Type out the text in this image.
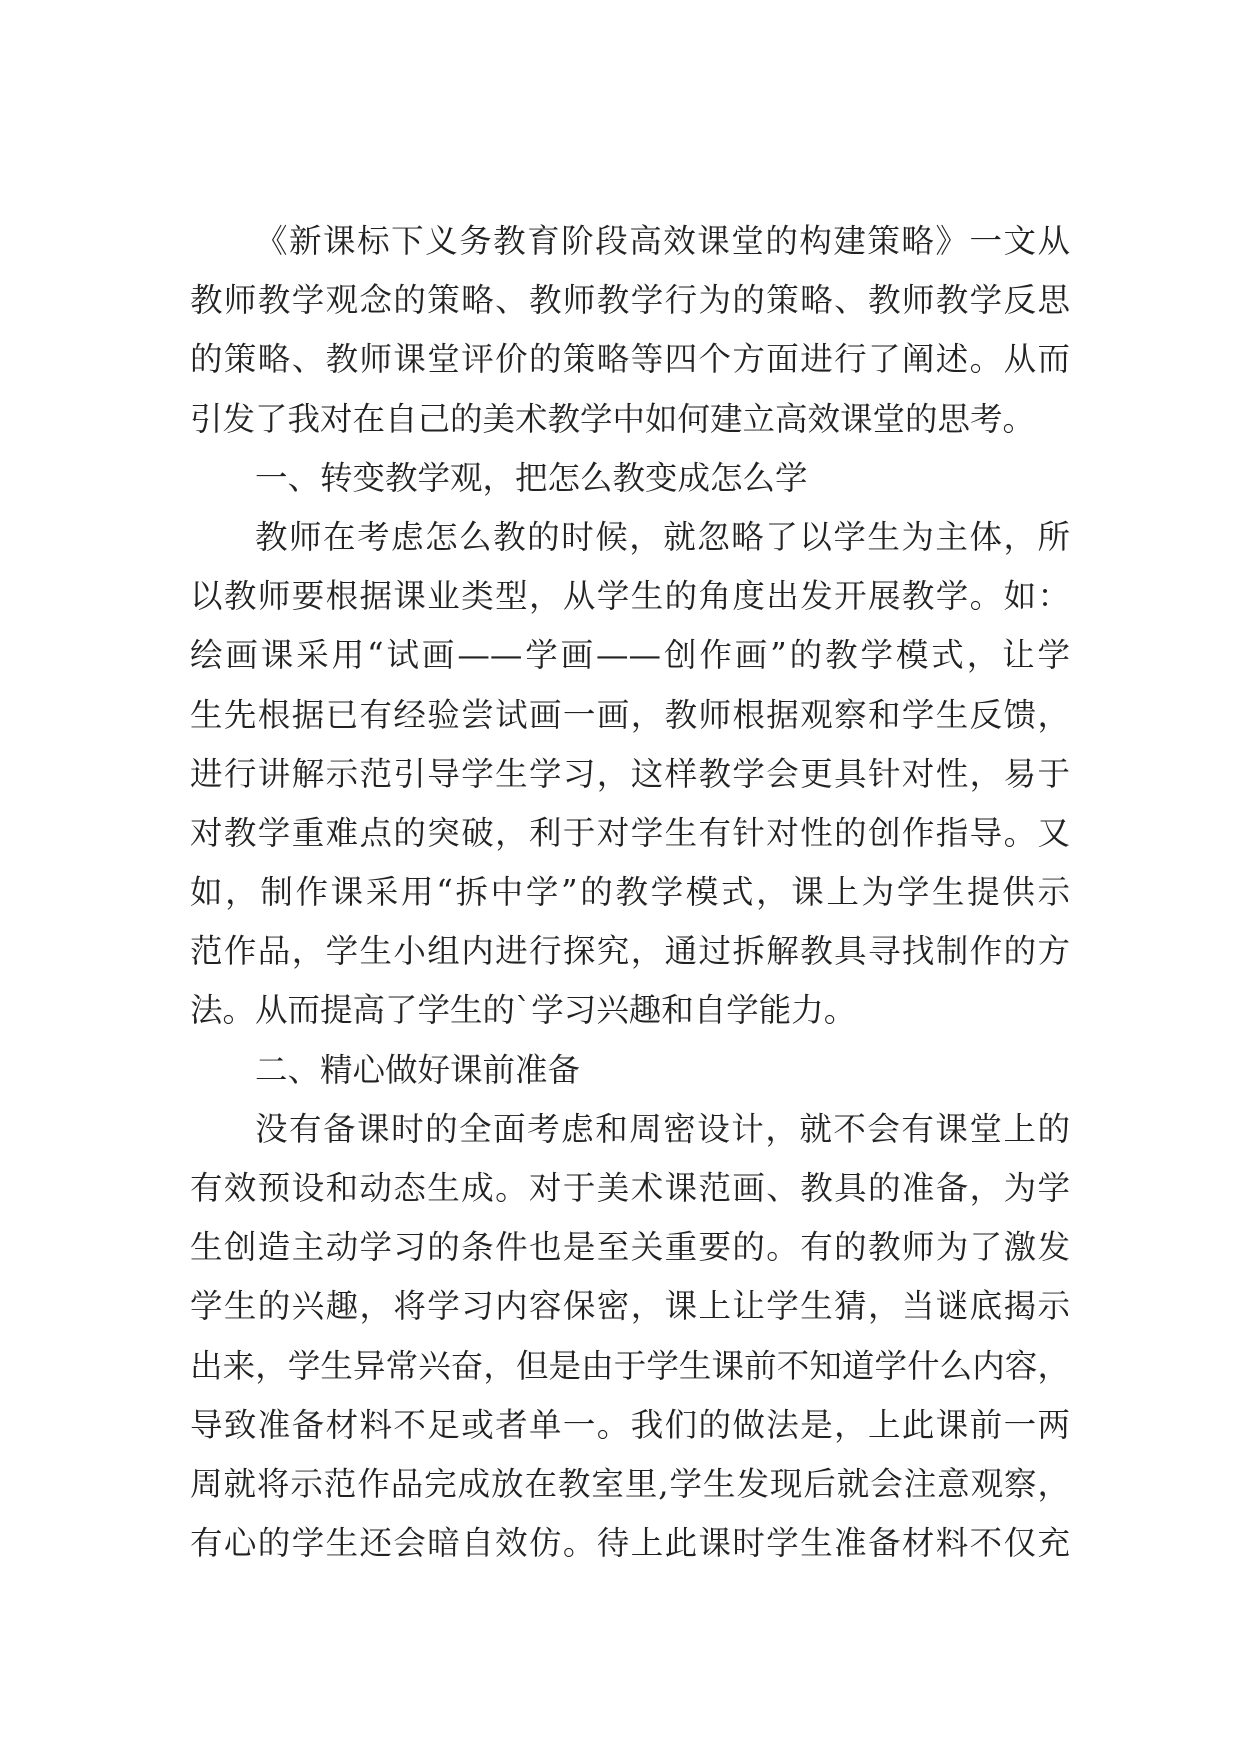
《新课标下义务教育阶段高效课堂的构建策略》一文从
教师教学观念的策略、教师教学行为的策略、教师教学反思
的策略、教师课堂评价的策略等四个方面进行了阐述。从而
引发了我对在自己的美术教学中如何建立高效课堂的思考。
一、转变教学观，把怎么教变成怎么学
教师在考虑怎么教的时候，就忽略了以学生为主体，所
以教师要根据课业类型，从学生的角度出发开展教学。如：
绘画课采用“试画——学画——创作画”的教学模式，让学
生先根据已有经验尝试画一画，教师根据观察和学生反馈，
进行讲解示范引导学生学习，这样教学会更具针对性，易于
对教学重难点的突破，利于对学生有针对性的创作指导。又
如，制作课采用“拆中学”的教学模式，课上为学生提供示
范作品，学生小组内进行探究，通过拆解教具寻找制作的方
法。从而提高了学生的`学习兴趣和自学能力。
二、精心做好课前准备
没有备课时的全面考虑和周密设计，就不会有课堂上的
有效预设和动态生成。对于美术课范画、教具的准备，为学
生创造主动学习的条件也是至关重要的。有的教师为了激发
学生的兴趣，将学习内容保密，课上让学生猜，当谜底揭示
出来，学生异常兴奋，但是由于学生课前不知道学什么内容，
导致准备材料不足或者单一。我们的做法是，上此课前一两
周就将示范作品完成放在教室里,学生发现后就会注意观察，
有心的学生还会暗自效仿。待上此课时学生准备材料不仅充
